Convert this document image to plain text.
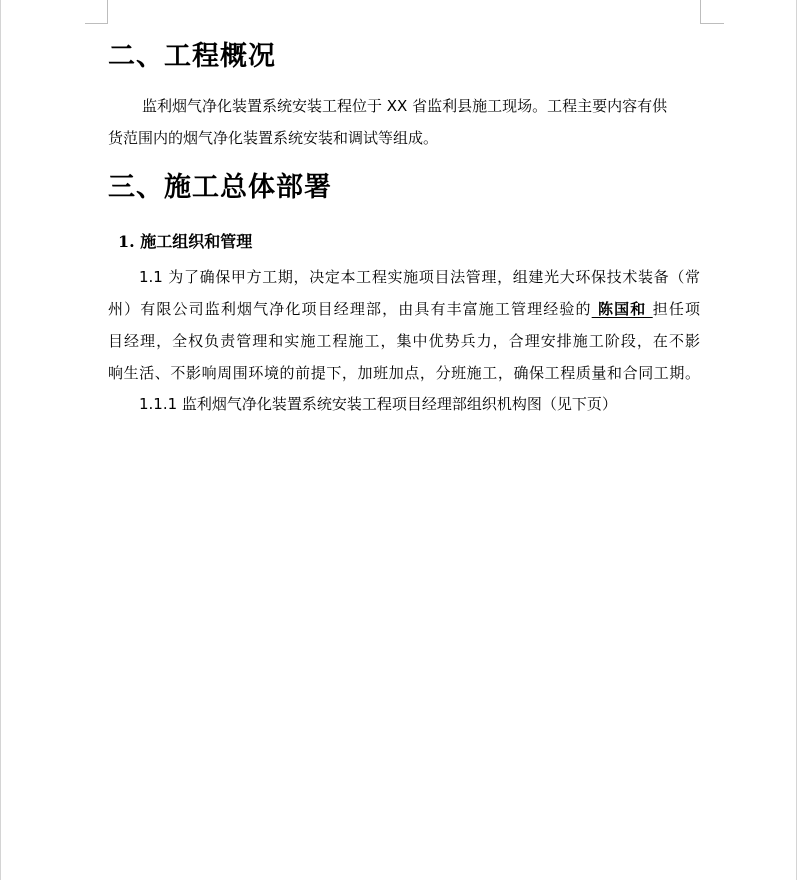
二、工程概况
监利烟气净化装置系统安装工程位于 XX 省监利县施工现场。工程主要内容有供
货范围内的烟气净化装置系统安装和调试等组成。
三、施工总体部署
1. 施工组织和管理
1.1 为了确保甲方工期，决定本工程实施项目法管理，组建光大环保技术装备（常
州）有限公司监利烟气净化项目经理部，由具有丰富施工管理经验的 陈国和 担任项
目经理，全权负责管理和实施工程施工，集中优势兵力，合理安排施工阶段，在不影
响生活、不影响周围环境的前提下，加班加点，分班施工，确保工程质量和合同工期。
1.1.1 监利烟气净化装置系统安装工程项目经理部组织机构图（见下页）
